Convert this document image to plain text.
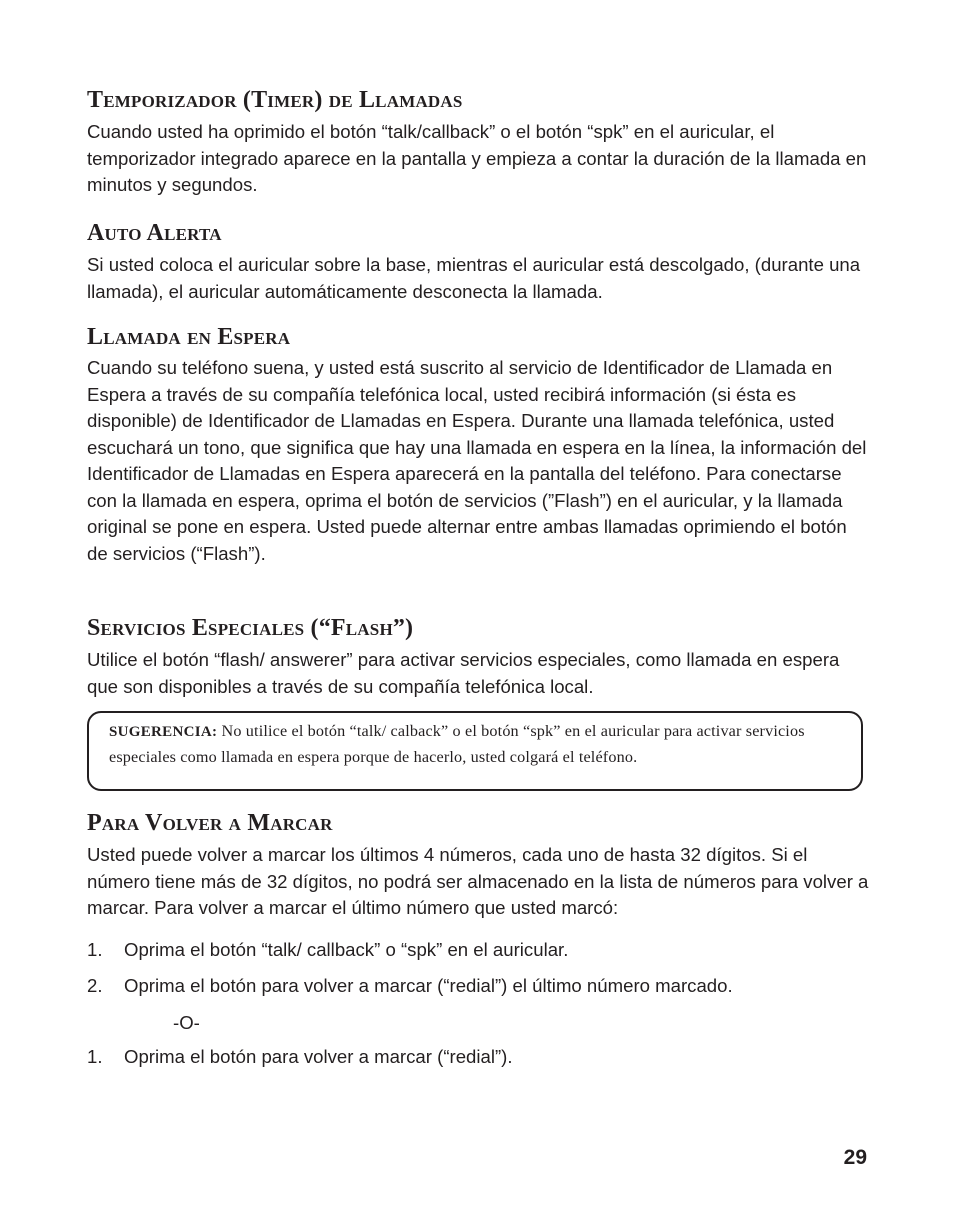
Temporizador (Timer) de Llamadas

Cuando usted ha oprimido el botón “talk/callback” o el botón “spk” en el auricular, el temporizador integrado aparece en la pantalla y empieza a contar la duración de la llamada en minutos y segundos.

Auto Alerta

Si usted coloca el auricular sobre la base, mientras el auricular está descolgado, (durante una llamada), el auricular automáticamente desconecta la llamada.

Llamada en Espera

Cuando su teléfono suena, y usted está suscrito al servicio de Identificador de Llamada en Espera a través de su compañía telefónica local, usted recibirá información (si ésta es disponible) de Identificador de Llamadas en Espera. Durante una llamada telefónica, usted escuchará un tono, que significa que hay una llamada en espera en la línea, la información del Identificador de Llamadas en Espera aparecerá en la pantalla del teléfono. Para conectarse con la llamada en espera, oprima el botón de servicios (”Flash”) en el auricular, y la llamada original se pone en espera. Usted puede alternar entre ambas llamadas oprimiendo el botón de servicios (“Flash”).

Servicios Especiales (“Flash”)

Utilice el botón “flash/ answerer” para activar servicios especiales, como llamada en espera que son disponibles a través de su compañía telefónica local.

SUGERENCIA: No utilice el botón “talk/ calback” o el botón “spk” en el auricular para activar servicios especiales como llamada en espera porque de hacerlo, usted colgará el teléfono.
Para Volver a Marcar

Usted puede volver a marcar los últimos 4 números, cada uno de hasta 32 dígitos. Si el número tiene más de 32 dígitos, no podrá ser almacenado en la lista de números para volver a marcar. Para volver a marcar el último número que usted marcó:

1. Oprima el botón “talk/ callback” o “spk” en el auricular.

2. Oprima el botón para volver a marcar (“redial”) el último número marcado.

-O-

1. Oprima el botón para volver a marcar (“redial”).

29
